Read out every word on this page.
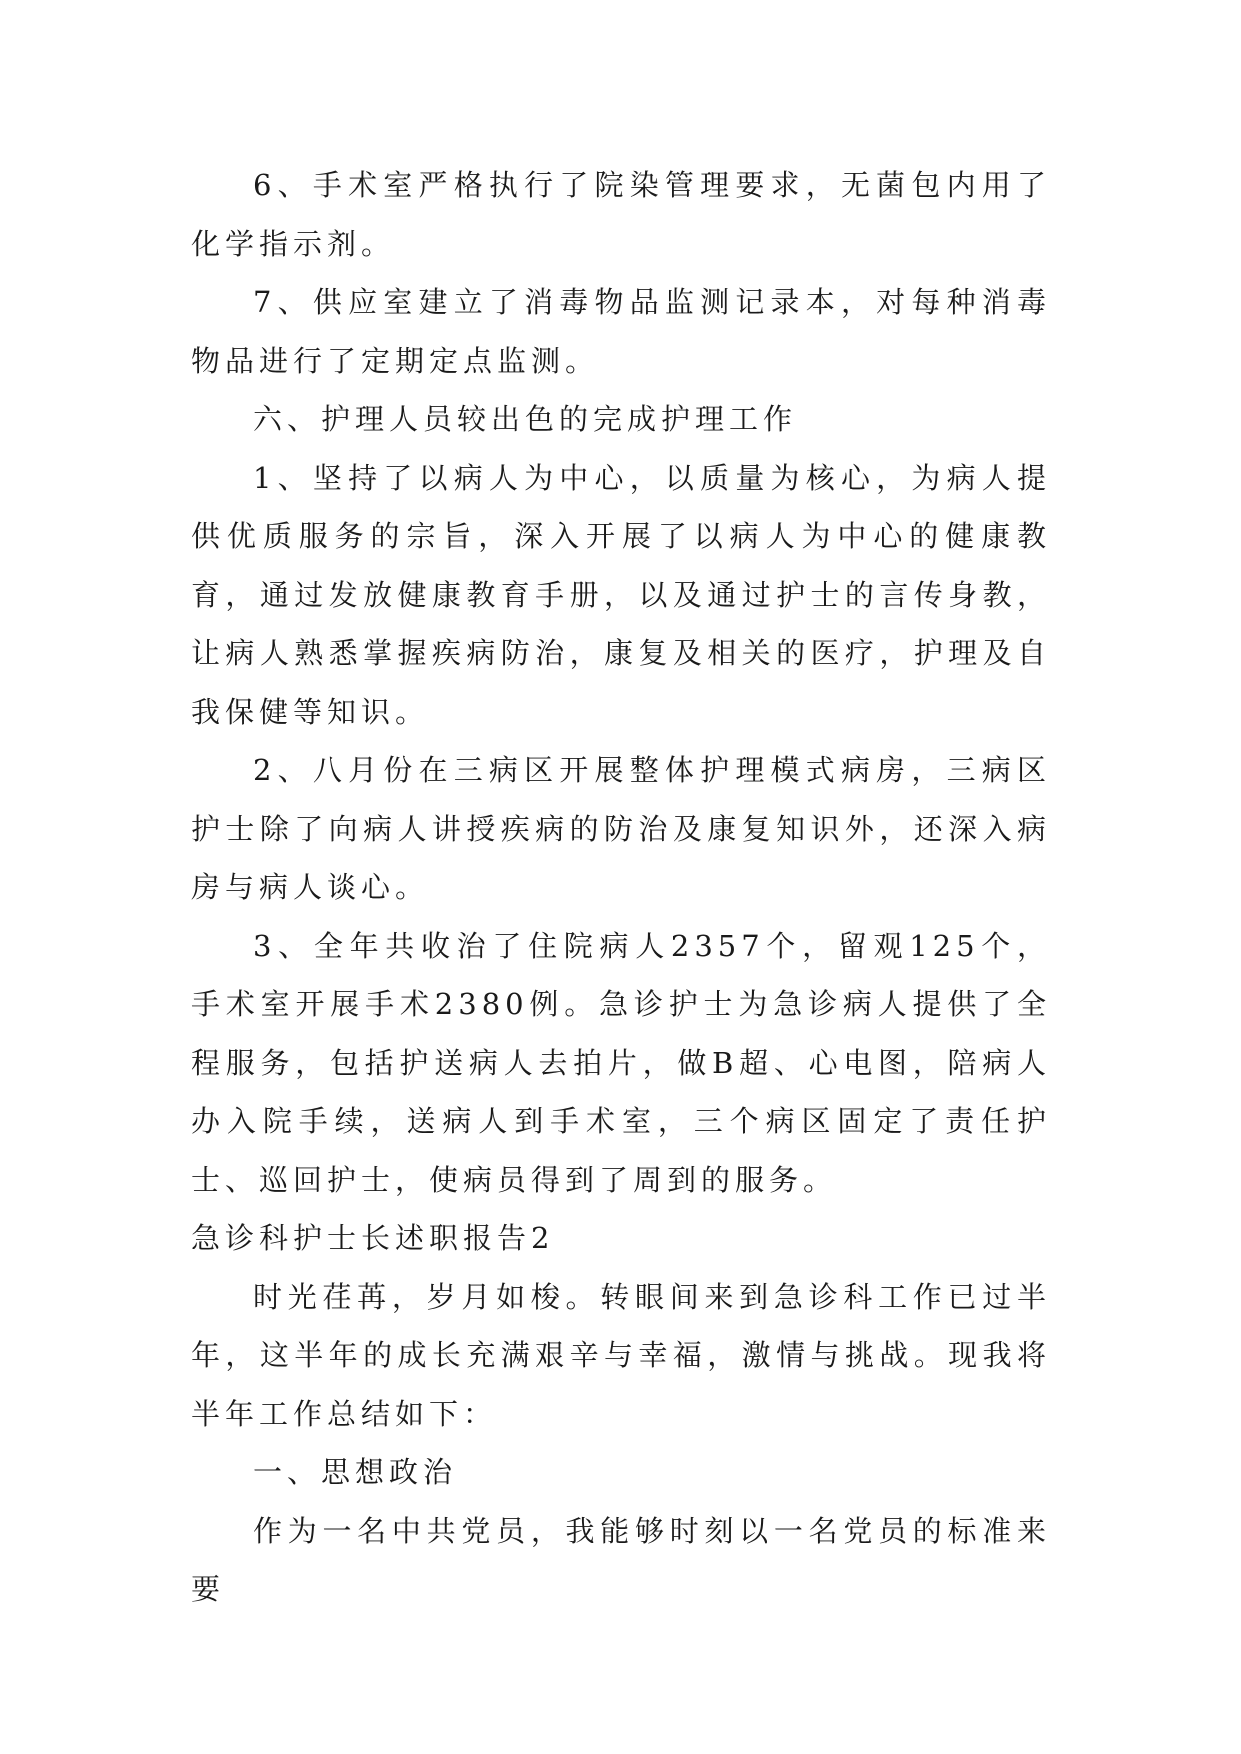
6、手术室严格执行了院染管理要求，无菌包内用了化学指示剂。

7、供应室建立了消毒物品监测记录本，对每种消毒物品进行了定期定点监测。

六、护理人员较出色的完成护理工作

1、坚持了以病人为中心，以质量为核心，为病人提供优质服务的宗旨，深入开展了以病人为中心的健康教育，通过发放健康教育手册，以及通过护士的言传身教，让病人熟悉掌握疾病防治，康复及相关的医疗，护理及自我保健等知识。

2、八月份在三病区开展整体护理模式病房，三病区护士除了向病人讲授疾病的防治及康复知识外，还深入病房与病人谈心。

3、全年共收治了住院病人2357个，留观125个，手术室开展手术2380例。急诊护士为急诊病人提供了全程服务，包括护送病人去拍片，做B超、心电图，陪病人办入院手续，送病人到手术室，三个病区固定了责任护士、巡回护士，使病员得到了周到的服务。

急诊科护士长述职报告2

时光荏苒，岁月如梭。转眼间来到急诊科工作已过半年，这半年的成长充满艰辛与幸福，激情与挑战。现我将半年工作总结如下：

一、思想政治

作为一名中共党员，我能够时刻以一名党员的标准来要
